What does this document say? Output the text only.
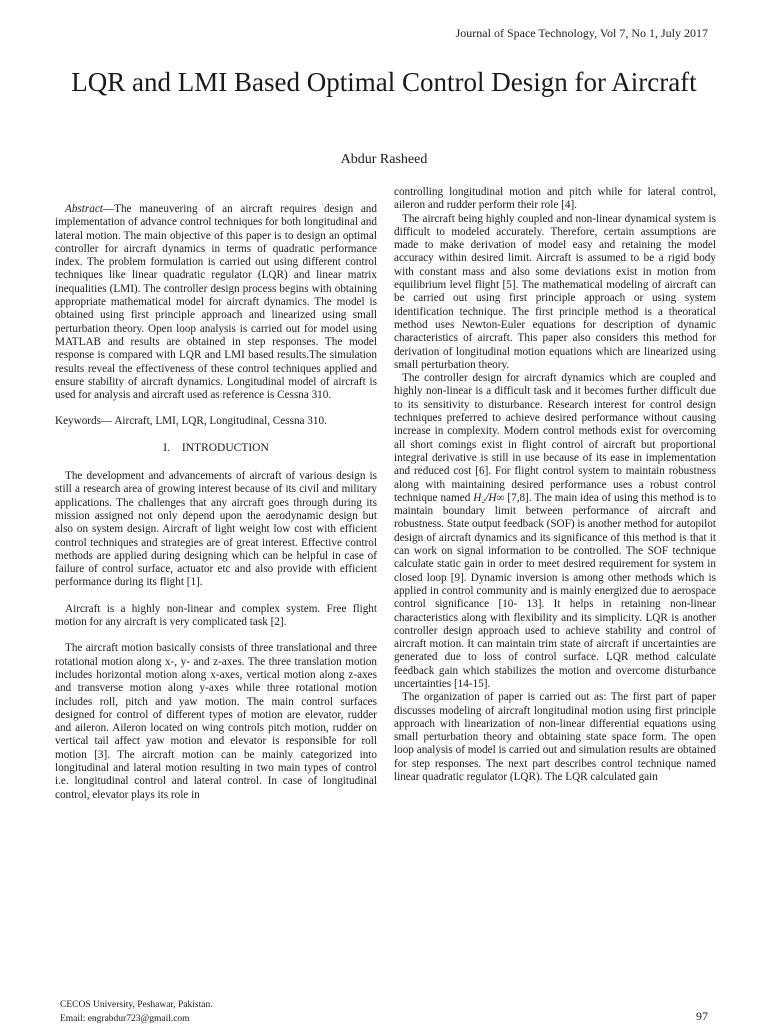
Journal of Space Technology, Vol 7, No 1, July 2017
LQR and LMI Based Optimal Control Design for Aircraft

Abdur Rasheed

Abstract—The maneuvering of an aircraft requires design and implementation of advance control techniques for both longitudinal and lateral motion. The main objective of this paper is to design an optimal controller for aircraft dynamics in terms of quadratic performance index. The problem formulation is carried out using different control techniques like linear quadratic regulator (LQR) and linear matrix inequalities (LMI). The controller design process begins with obtaining appropriate mathematical model for aircraft dynamics. The model is obtained using first principle approach and linearized using small perturbation theory. Open loop analysis is carried out for model using MATLAB and results are obtained in step responses. The model response is compared with LQR and LMI based results.The simulation results reveal the effectiveness of these control techniques applied and ensure stability of aircraft dynamics. Longitudinal model of aircraft is used for analysis and aircraft used as reference is Cessna 310.

Keywords— Aircraft, LMI, LQR, Longitudinal, Cessna 310.

I. INTRODUCTION

The development and advancements of aircraft of various design is still a research area of growing interest because of its civil and military applications. The challenges that any aircraft goes through during its mission assigned not only depend upon the aerodynamic design but also on system design. Aircraft of light weight low cost with efficient control techniques and strategies are of great interest. Effective control methods are applied during designing which can be helpful in case of failure of control surface, actuator etc and also provide with efficient performance during its flight [1].

Aircraft is a highly non-linear and complex system. Free flight motion for any aircraft is very complicated task [2].

The aircraft motion basically consists of three translational and three rotational motion along x-, y- and z-axes. The three translation motion includes horizontal motion along x-axes, vertical motion along z-axes and transverse motion along y-axes while three rotational motion includes roll, pitch and yaw motion. The main control surfaces designed for control of different types of motion are elevator, rudder and aileron. Aileron located on wing controls pitch motion, rudder on vertical tail affect yaw motion and elevator is responsible for roll motion [3]. The aircraft motion can be mainly categorized into longitudinal and lateral motion resulting in two main types of control i.e. longitudinal control and lateral control. In case of longitudinal control, elevator plays its role in

controlling longitudinal motion and pitch while for lateral control, aileron and rudder perform their role [4].

The aircraft being highly coupled and non-linear dynamical system is difficult to modeled accurately. Therefore, certain assumptions are made to make derivation of model easy and retaining the model accuracy within desired limit. Aircraft is assumed to be a rigid body with constant mass and also some deviations exist in motion from equilibrium level flight [5]. The mathematical modeling of aircraft can be carried out using first principle approach or using system identification technique. The first principle method is a theoratical method uses Newton-Euler equations for description of dynamic characteristics of aircraft. This paper also considers this method for derivation of longitudinal motion equations which are linearized using small perturbation theory.

The controller design for aircraft dynamics which are coupled and highly non-linear is a difficult task and it becomes further difficult due to its sensitivity to disturbance. Research interest for control design techniques preferred to achieve desired performance without causing increase in complexity. Modern control methods exist for overcoming all short comings exist in flight control of aircraft but proportional integral derivative is still in use because of its ease in implementation and reduced cost [6]. For flight control system to maintain robustness along with maintaining desired performance uses a robust control technique named H₂/H∞ [7,8]. The main idea of using this method is to maintain boundary limit between performance of aircraft and robustness. State output feedback (SOF) is another method for autopilot design of aircraft dynamics and its significance of this method is that it can work on signal information to be controlled. The SOF technique calculate static gain in order to meet desired requirement for system in closed loop [9]. Dynamic inversion is among other methods which is applied in control community and is mainly energized due to aerospace control significance [10- 13]. It helps in retaining non-linear characteristics along with flexibility and its simplicity. LQR is another controller design approach used to achieve stability and control of aircraft motion. It can maintain trim state of aircraft if uncertainties are generated due to loss of control surface. LQR method calculate feedback gain which stabilizes the motion and overcome disturbance uncertainties [14-15].

The organization of paper is carried out as: The first part of paper discusses modeling of aircraft longitudinal motion using first principle approach with linearization of non-linear differential equations using small perturbation theory and obtaining state space form. The open loop analysis of model is carried out and simulation results are obtained for step responses. The next part describes control technique named linear quadratic regulator (LQR). The LQR calculated gain

CECOS University, Peshawar, Pakistan.
Email: engrabdur723@gmail.com	97
